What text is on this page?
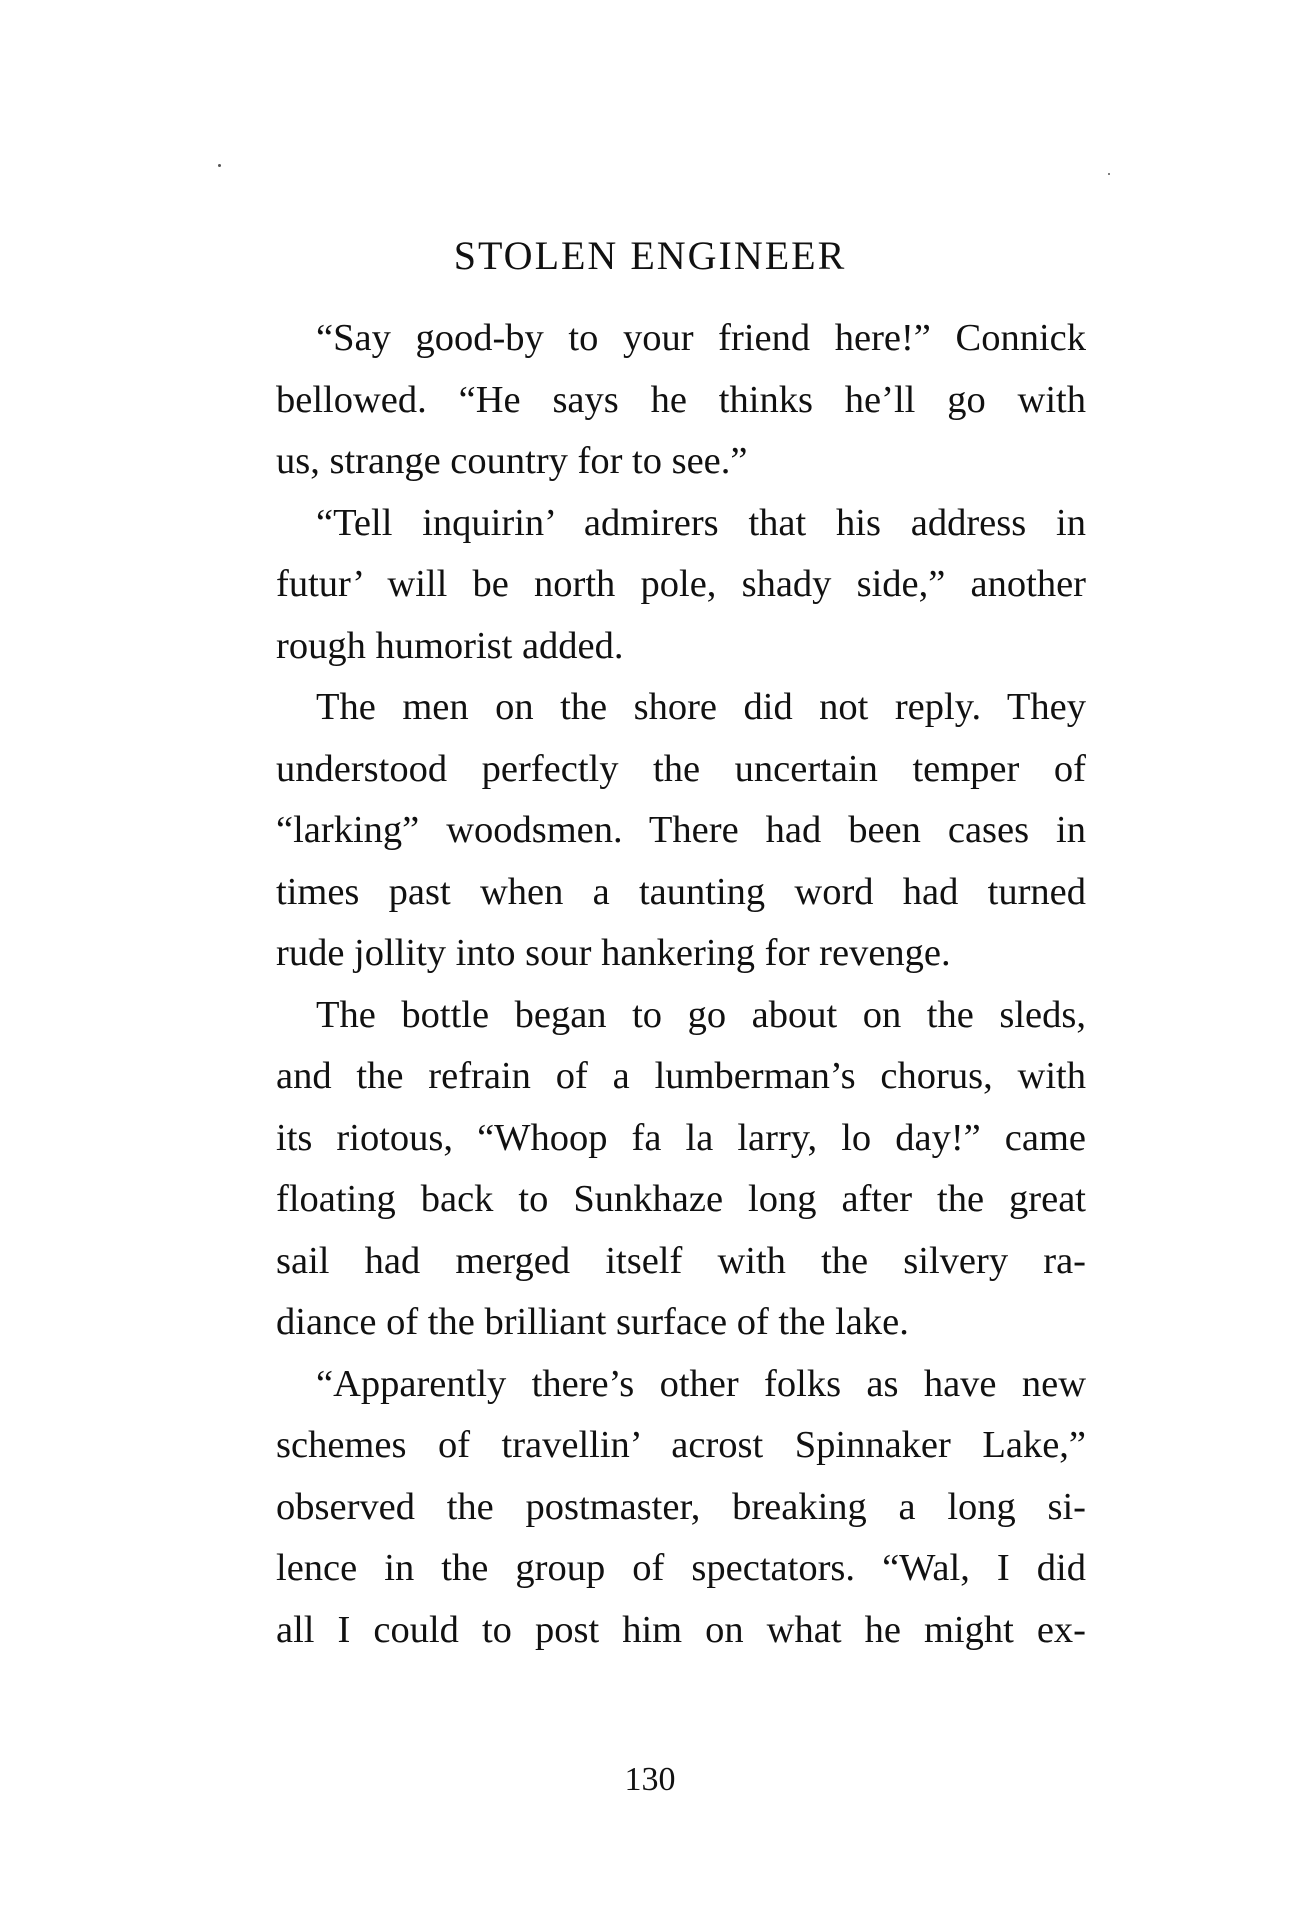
STOLEN ENGINEER
“Say good-by to your friend here!” Connick
bellowed. “He says he thinks he’ll go with
us, strange country for to see.”
“Tell inquirin’ admirers that his address in
futur’ will be north pole, shady side,” another
rough humorist added.
The men on the shore did not reply. They
understood perfectly the uncertain temper of
“larking” woodsmen. There had been cases in
times past when a taunting word had turned
rude jollity into sour hankering for revenge.
The bottle began to go about on the sleds,
and the refrain of a lumberman’s chorus, with
its riotous, “Whoop fa la larry, lo day!” came
floating back to Sunkhaze long after the great
sail had merged itself with the silvery ra-
diance of the brilliant surface of the lake.
“Apparently there’s other folks as have new
schemes of travellin’ acrost Spinnaker Lake,”
observed the postmaster, breaking a long si-
lence in the group of spectators. “Wal, I did
all I could to post him on what he might ex-
130
